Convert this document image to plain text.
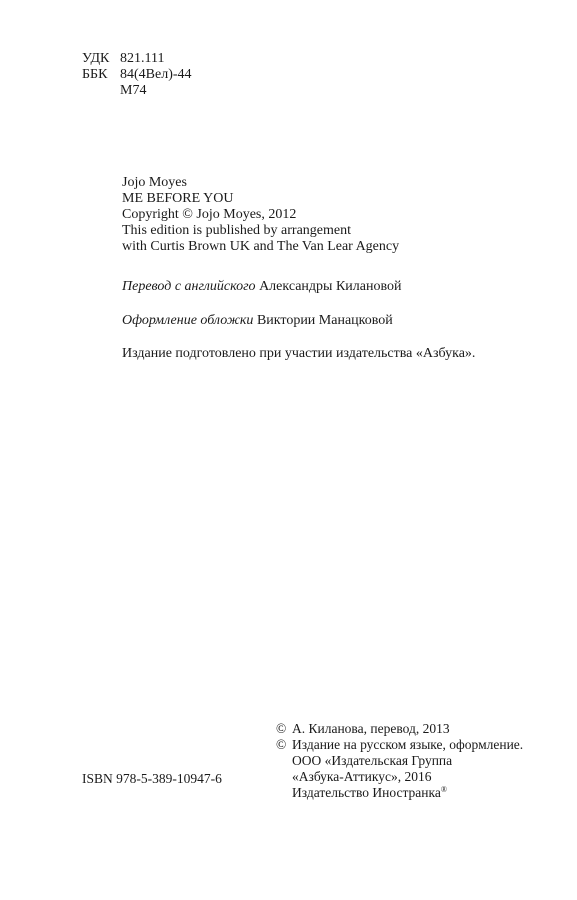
УДК 821.111
ББК 84(4Вел)-44
М74
Jojo Moyes
ME BEFORE YOU
Copyright © Jojo Moyes, 2012
This edition is published by arrangement
with Curtis Brown UK and The Van Lear Agency
Перевод с английского Александры Килановой
Оформление обложки Виктории Манацковой
Издание подготовлено при участии издательства «Азбука».
© А. Киланова, перевод, 2013
© Издание на русском языке, оформление.
ООО «Издательская Группа
«Азбука-Аттикус», 2016
Издательство Иностранка®
ISBN 978-5-389-10947-6
